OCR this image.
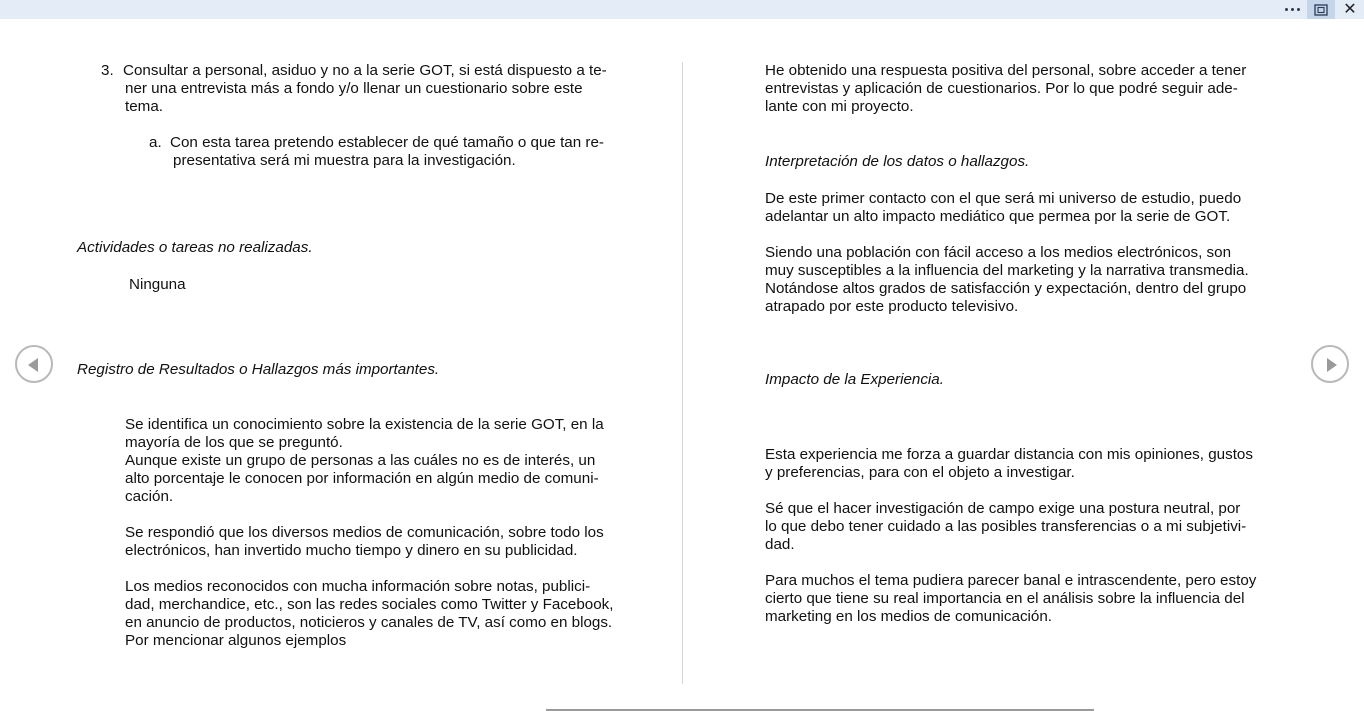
✕
3. Consultar a personal, asiduo y no a la serie GOT, si está dispuesto a te-
ner una entrevista más a fondo y/o llenar un cuestionario sobre este
tema.
a. Con esta tarea pretendo establecer de qué tamaño o que tan re-
presentativa será mi muestra para la investigación.
Actividades o tareas no realizadas.
Ninguna
Registro de Resultados o Hallazgos más importantes.
Se identifica un conocimiento sobre la existencia de la serie GOT, en la
mayoría de los que se preguntó.
Aunque existe un grupo de personas a las cuáles no es de interés, un
alto porcentaje le conocen por información en algún medio de comuni-
cación.
Se respondió que los diversos medios de comunicación, sobre todo los
electrónicos, han invertido mucho tiempo y dinero en su publicidad.
Los medios reconocidos con mucha información sobre notas, publici-
dad, merchandice, etc., son las redes sociales como Twitter y Facebook,
en anuncio de productos, noticieros y canales de TV, así como en blogs.
Por mencionar algunos ejemplos
He obtenido una respuesta positiva del personal, sobre acceder a tener
entrevistas y aplicación de cuestionarios. Por lo que podré seguir ade-
lante con mi proyecto.
Interpretación de los datos o hallazgos.
De este primer contacto con el que será mi universo de estudio, puedo
adelantar un alto impacto mediático que permea por la serie de GOT.
Siendo una población con fácil acceso a los medios electrónicos, son
muy susceptibles a la influencia del marketing y la narrativa transmedia.
Notándose altos grados de satisfacción y expectación, dentro del grupo
atrapado por este producto televisivo.
Impacto de la Experiencia.
Esta experiencia me forza a guardar distancia con mis opiniones, gustos
y preferencias, para con el objeto a investigar.
Sé que el hacer investigación de campo exige una postura neutral, por
lo que debo tener cuidado a las posibles transferencias o a mi subjetivi-
dad.
Para muchos el tema pudiera parecer banal e intrascendente, pero estoy
cierto que tiene su real importancia en el análisis sobre la influencia del
marketing en los medios de comunicación.
